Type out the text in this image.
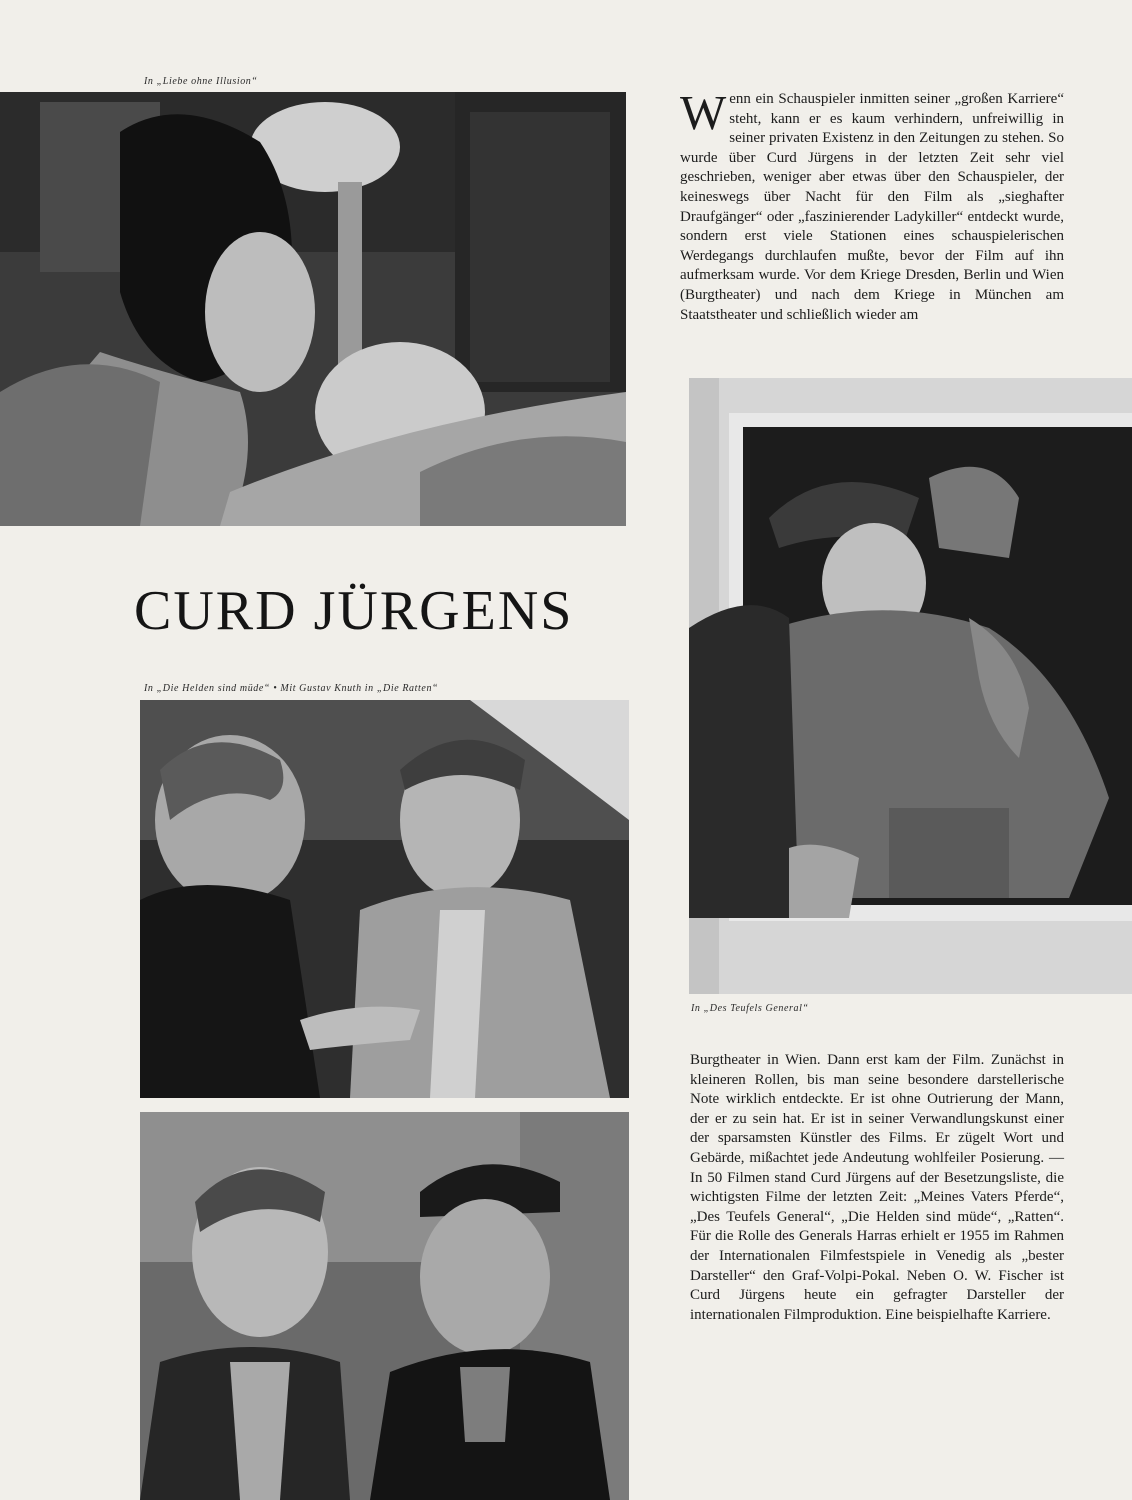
In „Liebe ohne Illusion“
In „Die Helden sind müde“ • Mit Gustav Knuth in „Die Ratten“
In „Des Teufels General“
CURD JÜRGENS
Wenn ein Schauspieler inmitten seiner „großen Karriere“ steht, kann er es kaum verhindern, unfreiwillig in seiner privaten Existenz in den Zeitungen zu stehen. So wurde über Curd Jürgens in der letzten Zeit sehr viel geschrieben, weniger aber etwas über den Schauspieler, der keineswegs über Nacht für den Film als „sieghafter Draufgänger“ oder „faszinierender Ladykiller“ entdeckt wurde, sondern erst viele Stationen eines schauspielerischen Werdegangs durchlaufen mußte, bevor der Film auf ihn aufmerksam wurde. Vor dem Kriege Dresden, Berlin und Wien (Burgtheater) und nach dem Kriege in München am Staatstheater und schließlich wieder am
Burgtheater in Wien. Dann erst kam der Film. Zunächst in kleineren Rollen, bis man seine besondere darstellerische Note wirklich entdeckte. Er ist ohne Outrierung der Mann, der er zu sein hat. Er ist in seiner Verwandlungskunst einer der sparsamsten Künstler des Films. Er zügelt Wort und Gebärde, mißachtet jede Andeutung wohlfeiler Posierung. — In 50 Filmen stand Curd Jürgens auf der Besetzungsliste, die wichtigsten Filme der letzten Zeit: „Meines Vaters Pferde“, „Des Teufels General“, „Die Helden sind müde“, „Ratten“. Für die Rolle des Generals Harras erhielt er 1955 im Rahmen der Internationalen Filmfestspiele in Venedig als „bester Darsteller“ den Graf-Volpi-Pokal. Neben O. W. Fischer ist Curd Jürgens heute ein gefragter Darsteller der internationalen Filmproduktion. Eine beispielhafte Karriere.
